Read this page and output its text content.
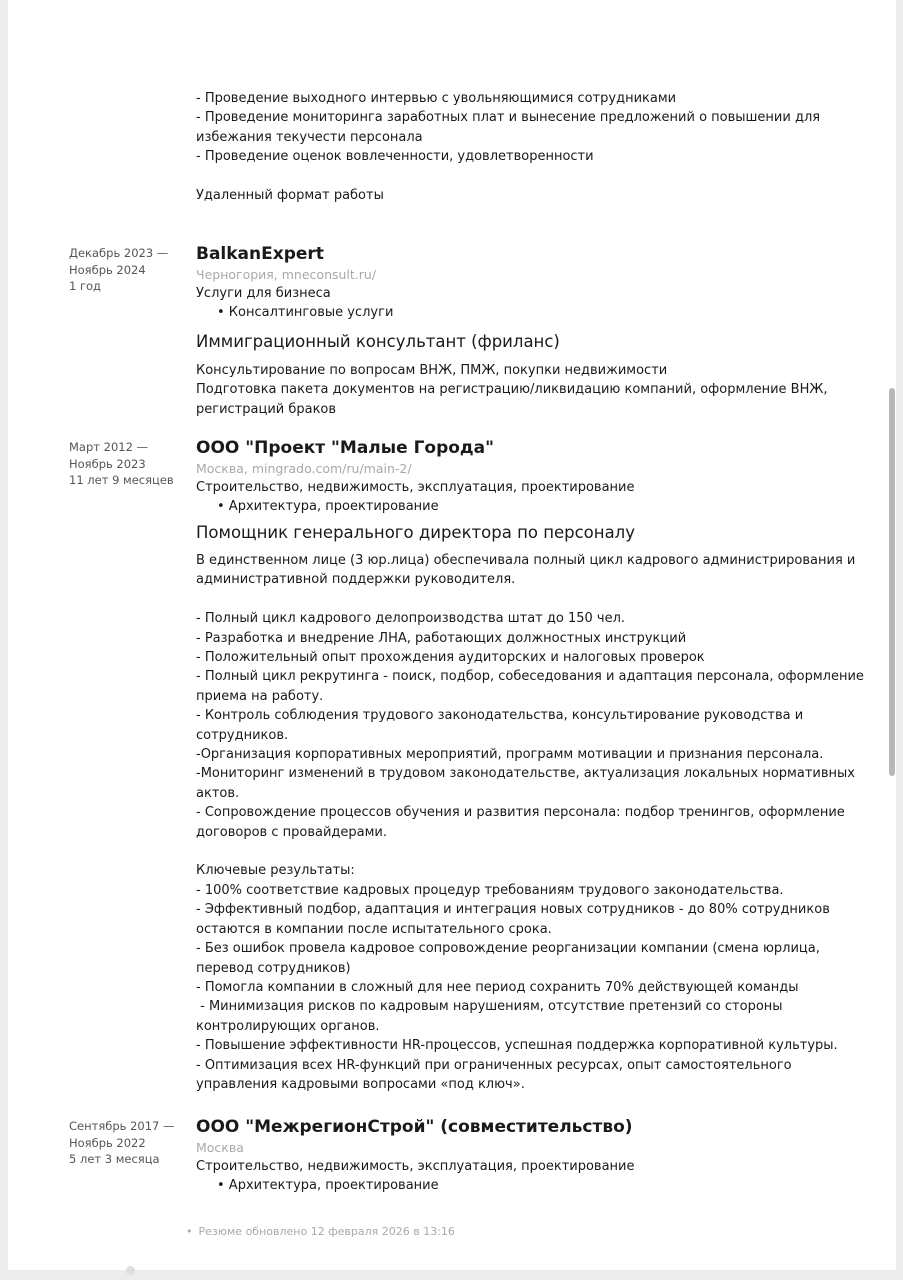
- Проведение выходного интервью с увольняющимися сотрудниками
- Проведение мониторинга заработных плат и вынесение предложений о повышении для
избежания текучести персонала
- Проведение оценок вовлеченности, удовлетворенности
Удаленный формат работы
Декабрь 2023 —
Ноябрь 2024
1 год
BalkanExpert
Черногория, mneconsult.ru/
Услуги для бизнеса
• Консалтинговые услуги
Иммиграционный консультант (фриланс)
Консультирование по вопросам ВНЖ, ПМЖ, покупки недвижимости
Подготовка пакета документов на регистрацию/ликвидацию компаний, оформление ВНЖ,
регистраций браков
Март 2012 —
Ноябрь 2023
11 лет 9 месяцев
ООО "Проект "Малые Города"
Москва, mingrado.com/ru/main-2/
Строительство, недвижимость, эксплуатация, проектирование
• Архитектура, проектирование
Помощник генерального директора по персоналу
В единственном лице (3 юр.лица) обеспечивала полный цикл кадрового администрирования и
административной поддержки руководителя.
- Полный цикл кадрового делопроизводства штат до 150 чел.
- Разработка и внедрение ЛНА, работающих должностных инструкций
- Положительный опыт прохождения аудиторских и налоговых проверок
- Полный цикл рекрутинга - поиск, подбор, собеседования и адаптация персонала, оформление
приема на работу.
- Контроль соблюдения трудового законодательства, консультирование руководства и
сотрудников.
-Организация корпоративных мероприятий, программ мотивации и признания персонала.
-Мониторинг изменений в трудовом законодательстве, актуализация локальных нормативных
актов.
- Сопровождение процессов обучения и развития персонала: подбор тренингов, оформление
договоров с провайдерами.
Ключевые результаты:
- 100% соответствие кадровых процедур требованиям трудового законодательства.
- Эффективный подбор, адаптация и интеграция новых сотрудников - до 80% сотрудников
остаются в компании после испытательного срока.
- Без ошибок провела кадровое сопровождение реорганизации компании (смена юрлица,
перевод сотрудников)
- Помогла компании в сложный для нее период сохранить 70% действующей команды
- Минимизация рисков по кадровым нарушениям, отсутствие претензий со стороны
контролирующих органов.
- Повышение эффективности HR-процессов, успешная поддержка корпоративной культуры.
- Оптимизация всех HR-функций при ограниченных ресурсах, опыт самостоятельного
управления кадровыми вопросами «под ключ».
Сентябрь 2017 —
Ноябрь 2022
5 лет 3 месяца
ООО "МежрегионСтрой" (совместительство)
Москва
Строительство, недвижимость, эксплуатация, проектирование
• Архитектура, проектирование
• Резюме обновлено 12 февраля 2026 в 13:16
